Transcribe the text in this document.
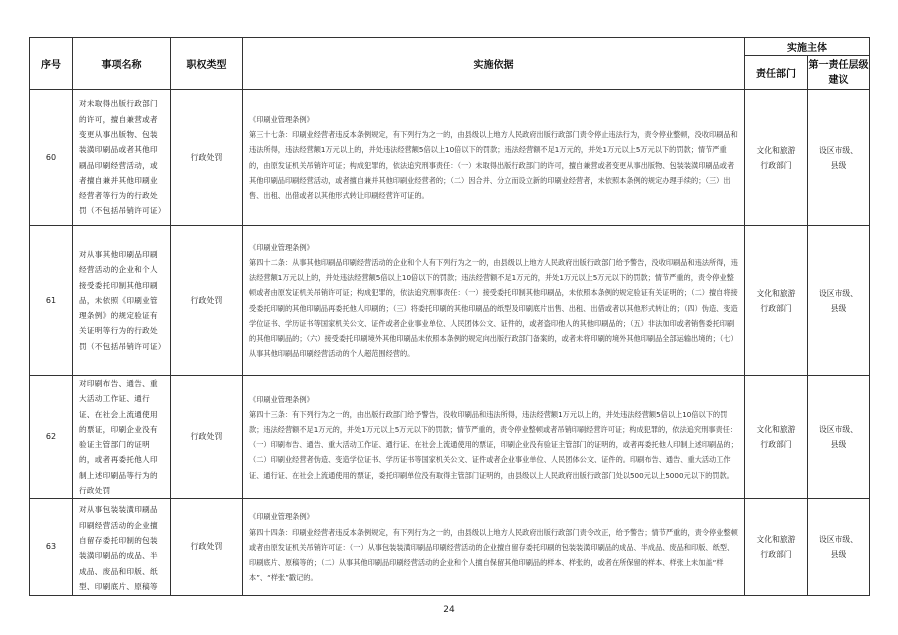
序号	事项名称	职权类型	实施依据	实施主体	
				责任部门	第一责任层级建议
60	对未取得出版行政部门的许可，擅自兼营或者变更从事出版物、包装装潢印刷品或者其他印刷品印刷经营活动，或者擅自兼并其他印刷业经营者等行为的行政处罚（不包括吊销许可证）	行政处罚	《印刷业管理条例》
第三十七条：印刷业经营者违反本条例规定，有下列行为之一的，由县级以上地方人民政府出版行政部门责令停止违法行为，责令停业整顿，没收印刷品和违法所得，违法经营额1万元以上的，并处违法经营额5倍以上10倍以下的罚款；违法经营额不足1万元的，并处1万元以上5万元以下的罚款；情节严重的，由原发证机关吊销许可证；构成犯罪的，依法追究刑事责任：（一）未取得出版行政部门的许可，擅自兼营或者变更从事出版物、包装装潢印刷品或者其他印刷品印刷经营活动，或者擅自兼并其他印刷业经营者的；（二）因合并、分立而设立新的印刷业经营者，未依照本条例的规定办理手续的；（三）出售、出租、出借或者以其他形式转让印刷经营许可证的。	文化和旅游行政部门	设区市级、县级
61	对从事其他印刷品印刷经营活动的企业和个人接受委托印制其他印刷品，未依照《印刷业管理条例》的规定验证有关证明等行为的行政处罚（不包括吊销许可证）	行政处罚	《印刷业管理条例》
第四十二条：从事其他印刷品印刷经营活动的企业和个人有下列行为之一的，由县级以上地方人民政府出版行政部门给予警告，没收印刷品和违法所得，违法经营额1万元以上的，并处违法经营额5倍以上10倍以下的罚款；违法经营额不足1万元的，并处1万元以上5万元以下的罚款；情节严重的，责令停业整顿或者由原发证机关吊销许可证；构成犯罪的，依法追究刑事责任：（一）接受委托印制其他印刷品，未依照本条例的规定验证有关证明的；（二）擅自将接受委托印刷的其他印刷品再委托他人印刷的；（三）将委托印刷的其他印刷品的纸型及印刷底片出售、出租、出借或者以其他形式转让的；（四）伪造、变造学位证书、学历证书等国家机关公文、证件或者企业事业单位、人民团体公文、证件的，或者盗印他人的其他印刷品的；（五）非法加印或者销售委托印刷的其他印刷品的；（六）接受委托印刷境外其他印刷品未依照本条例的规定向出版行政部门备案的，或者未将印刷的境外其他印刷品全部运输出境的；（七）从事其他印刷品印刷经营活动的个人超范围经营的。	文化和旅游行政部门	设区市级、县级
62	对印刷布告、通告、重大活动工作证、通行证、在社会上流通使用的票证，印刷企业没有验证主管部门的证明的，或者再委托他人印制上述印刷品等行为的行政处罚	行政处罚	《印刷业管理条例》
第四十三条：有下列行为之一的，由出版行政部门给予警告，没收印刷品和违法所得，违法经营额1万元以上的，并处违法经营额5倍以上10倍以下的罚款；违法经营额不足1万元的，并处1万元以上5万元以下的罚款；情节严重的，责令停业整顿或者吊销印刷经营许可证；构成犯罪的，依法追究刑事责任：（一）印刷布告、通告、重大活动工作证、通行证、在社会上流通使用的票证，印刷企业没有验证主管部门的证明的，或者再委托他人印制上述印刷品的；（二）印刷业经营者伪造、变造学位证书、学历证书等国家机关公文、证件或者企业事业单位、人民团体公文、证件的。印刷布告、通告、重大活动工作证、通行证、在社会上流通使用的票证，委托印刷单位没有取得主管部门证明的，由县级以上人民政府出版行政部门处以500元以上5000元以下的罚款。	文化和旅游行政部门	设区市级、县级
63	对从事包装装潢印刷品印刷经营活动的企业擅自留存委托印制的包装装潢印刷品的成品、半成品、废品和印版、纸型、印刷底片、原稿等	行政处罚	《印刷业管理条例》
第四十四条：印刷业经营者违反本条例规定，有下列行为之一的，由县级以上地方人民政府出版行政部门责令改正，给予警告；情节严重的，责令停业整顿或者由原发证机关吊销许可证：（一）从事包装装潢印刷品印刷经营活动的企业擅自留存委托印刷的包装装潢印刷品的成品、半成品、废品和印版、纸型、印刷底片、原稿等的；（二）从事其他印刷品印刷经营活动的企业和个人擅自保留其他印刷品的样本、样张的，或者在所保留的样本、样张上未加盖“样本”、“样张”戳记的。	文化和旅游行政部门	设区市级、县级
24
